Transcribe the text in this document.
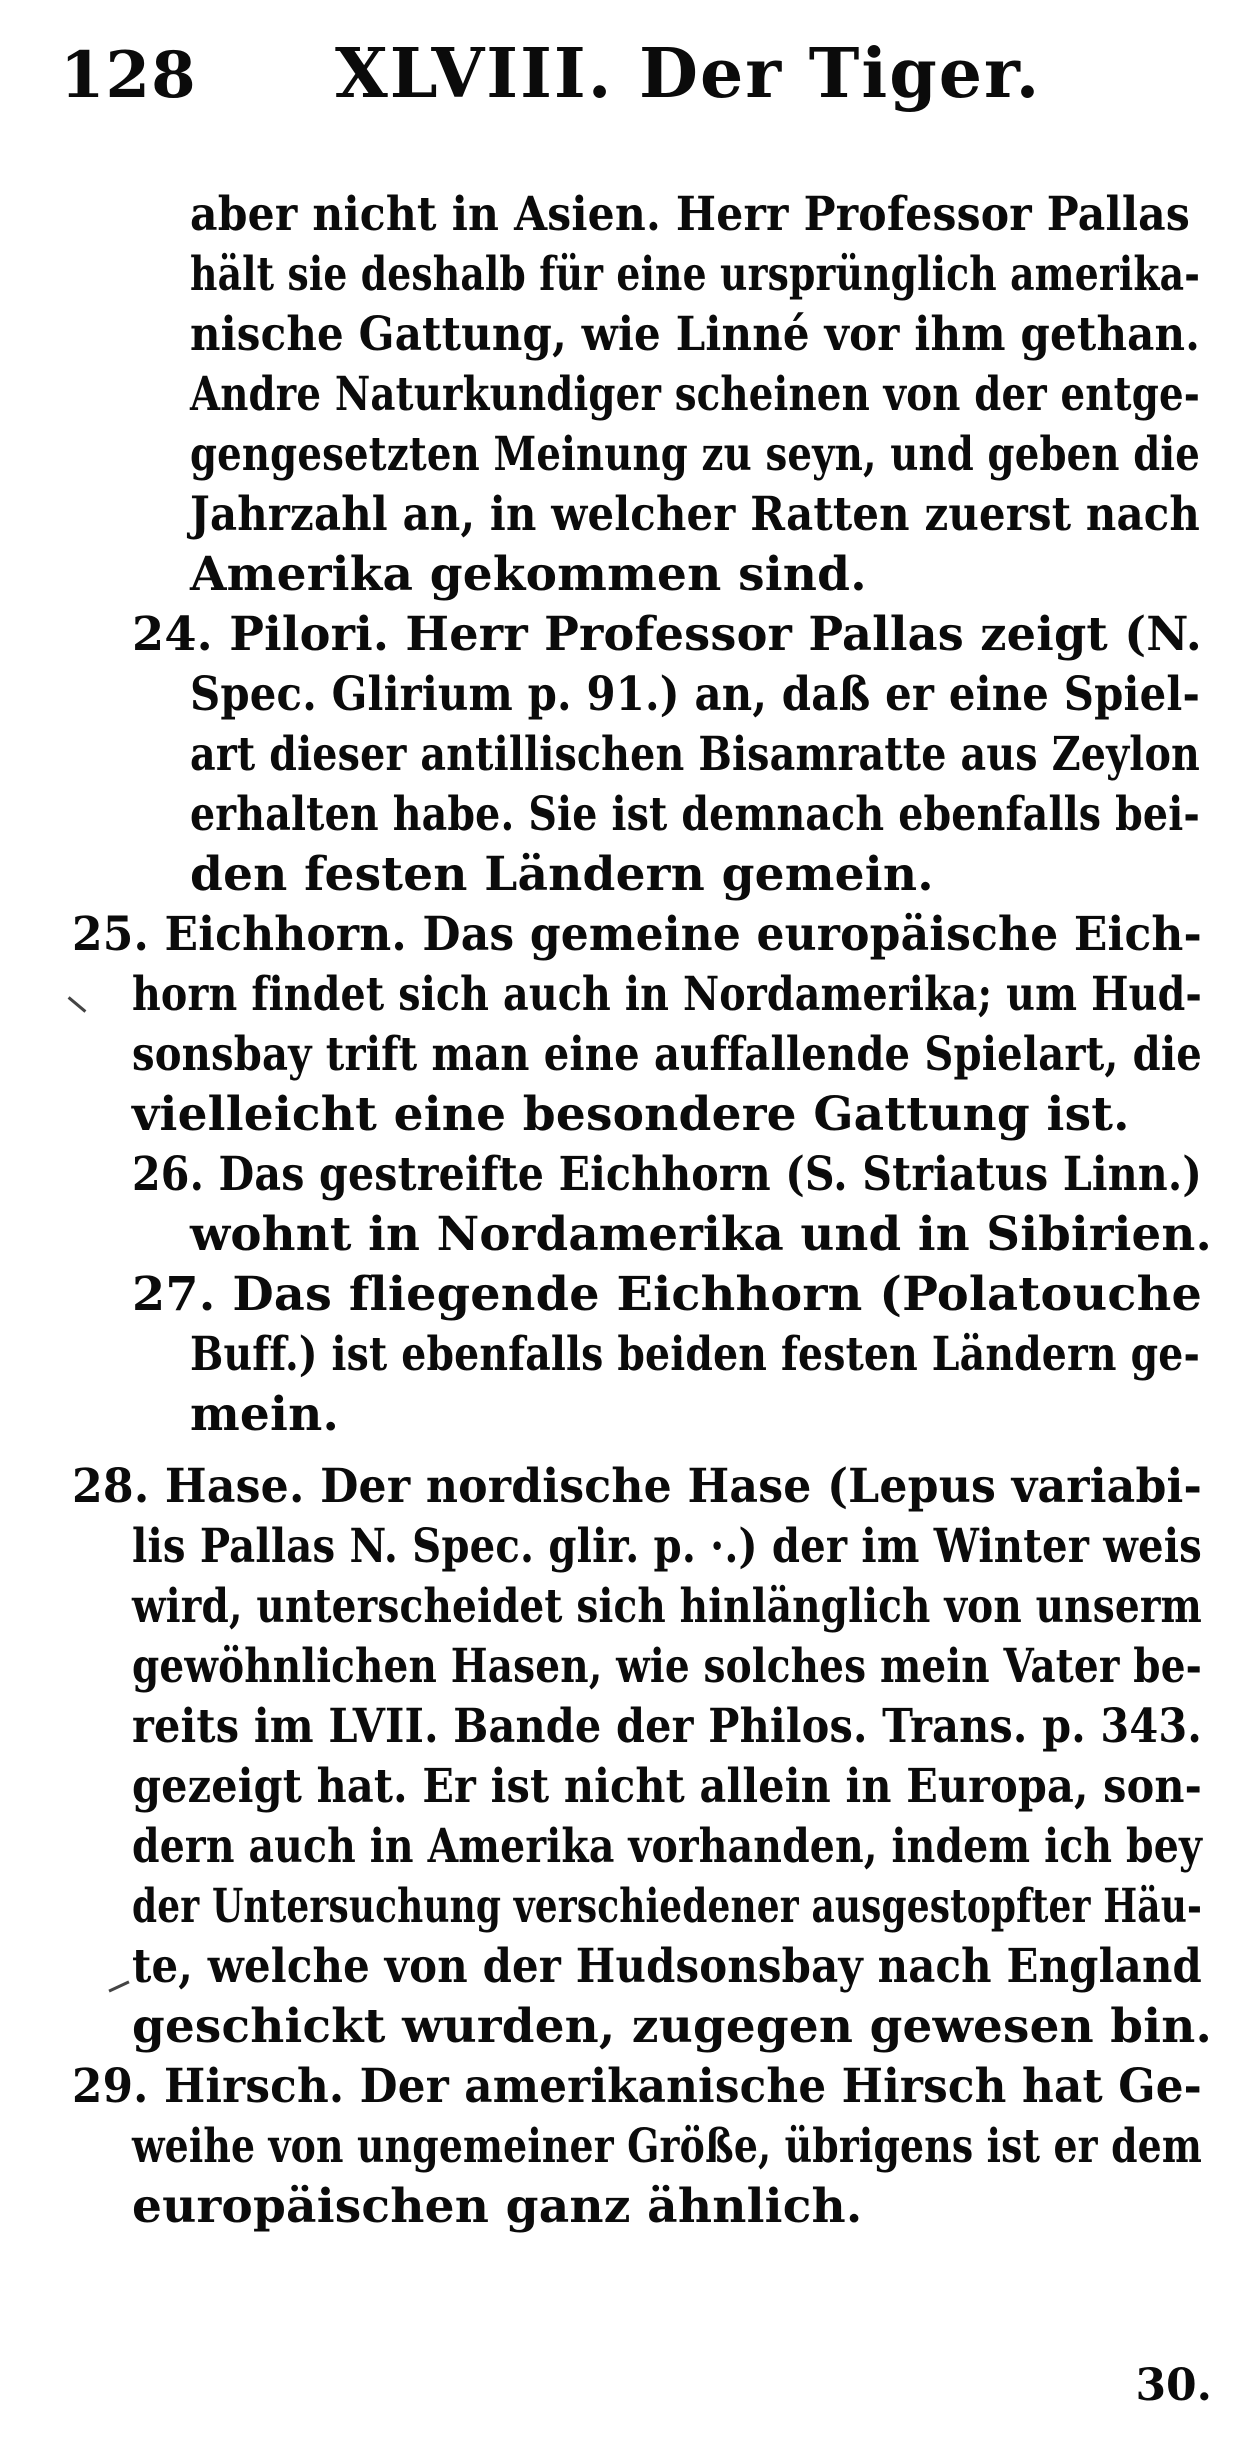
128 XLVIII. Der Tiger.
aber nicht in Asien. Herr Professor Pallas
hält sie deshalb für eine ursprünglich amerika-
nische Gattung, wie Linné vor ihm gethan.
Andre Naturkundiger scheinen von der entge-
gengesetzten Meinung zu seyn, und geben die
Jahrzahl an, in welcher Ratten zuerst nach
Amerika gekommen sind.
24. Pilori. Herr Professor Pallas zeigt (N.
Spec. Glirium p. 91.) an, daß er eine Spiel-
art dieser antillischen Bisamratte aus Zeylon
erhalten habe. Sie ist demnach ebenfalls bei-
den festen Ländern gemein.
25. Eichhorn. Das gemeine europäische Eich-
horn findet sich auch in Nordamerika; um Hud-
sonsbay trift man eine auffallende Spielart, die
vielleicht eine besondere Gattung ist.
26. Das gestreifte Eichhorn (S. Striatus Linn.)
wohnt in Nordamerika und in Sibirien.
27. Das fliegende Eichhorn (Polatouche
Buff.) ist ebenfalls beiden festen Ländern ge-
mein.
28. Hase. Der nordische Hase (Lepus variabi-
lis Pallas N. Spec. glir. p. ·.) der im Winter weis
wird, unterscheidet sich hinlänglich von unserm
gewöhnlichen Hasen, wie solches mein Vater be-
reits im LVII. Bande der Philos. Trans. p. 343.
gezeigt hat. Er ist nicht allein in Europa, son-
dern auch in Amerika vorhanden, indem ich bey
der Untersuchung verschiedener ausgestopfter Häu-
te, welche von der Hudsonsbay nach England
geschickt wurden, zugegen gewesen bin.
29. Hirsch. Der amerikanische Hirsch hat Ge-
weihe von ungemeiner Größe, übrigens ist er dem
europäischen ganz ähnlich.
30.
